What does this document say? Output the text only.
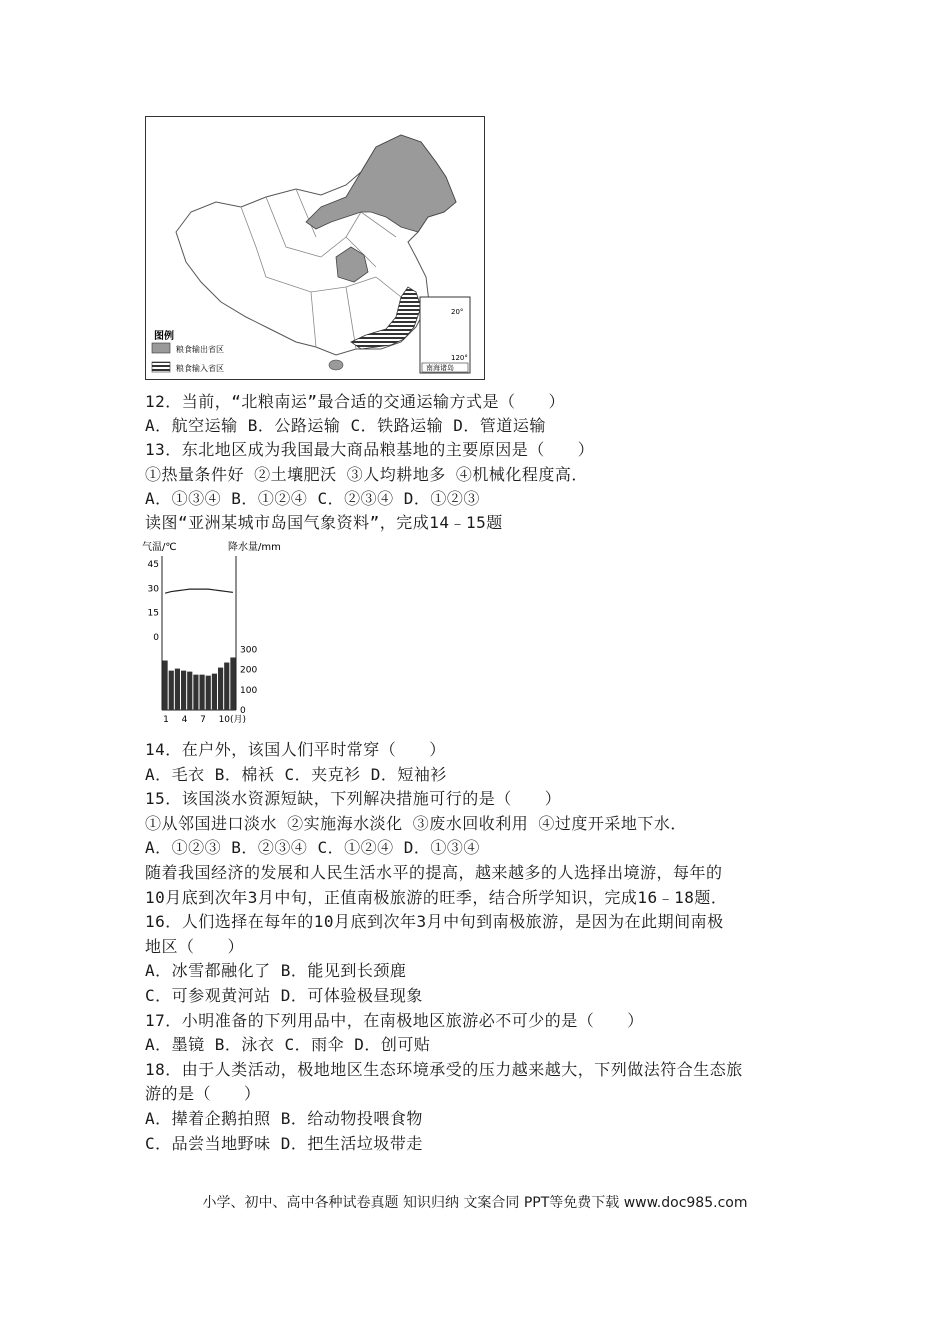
20°
120°
南海诸岛
图例
粮食输出省区
粮食输入省区
气温/℃	降水量/mm
45
30
15
0
300
200
100
0
1 4 7 10(月)
小学、初中、高中各种试卷真题 知识归纳 文案合同 PPT等免费下载 www.doc985.com
12．当前，“北粮南运”最合适的交通运输方式是（　　）
A．航空运输 B．公路运输 C．铁路运输 D．管道运输
13．东北地区成为我国最大商品粮基地的主要原因是（　　）
①热量条件好 ②土壤肥沃 ③人均耕地多 ④机械化程度高．
A．①③④ B．①②④ C．②③④ D．①②③
读图“亚洲某城市岛国气象资料”，完成14﹣15题
14．在户外，该国人们平时常穿（　　）
A．毛衣 B．棉袄 C．夹克衫 D．短袖衫
15．该国淡水资源短缺，下列解决措施可行的是（　　）
①从邻国进口淡水 ②实施海水淡化 ③废水回收利用 ④过度开采地下水．
A．①②③ B．②③④ C．①②④ D．①③④
随着我国经济的发展和人民生活水平的提高，越来越多的人选择出境游，每年的
10月底到次年3月中旬，正值南极旅游的旺季，结合所学知识，完成16﹣18题．
16．人们选择在每年的10月底到次年3月中旬到南极旅游，是因为在此期间南极
地区（　　）
A．冰雪都融化了 B．能见到长颈鹿
C．可参观黄河站 D．可体验极昼现象
17．小明准备的下列用品中，在南极地区旅游必不可少的是（　　）
A．墨镜 B．泳衣 C．雨伞 D．创可贴
18．由于人类活动，极地地区生态环境承受的压力越来越大，下列做法符合生态旅
游的是（　　）
A．撵着企鹅拍照 B．给动物投喂食物
C．品尝当地野味 D．把生活垃圾带走
